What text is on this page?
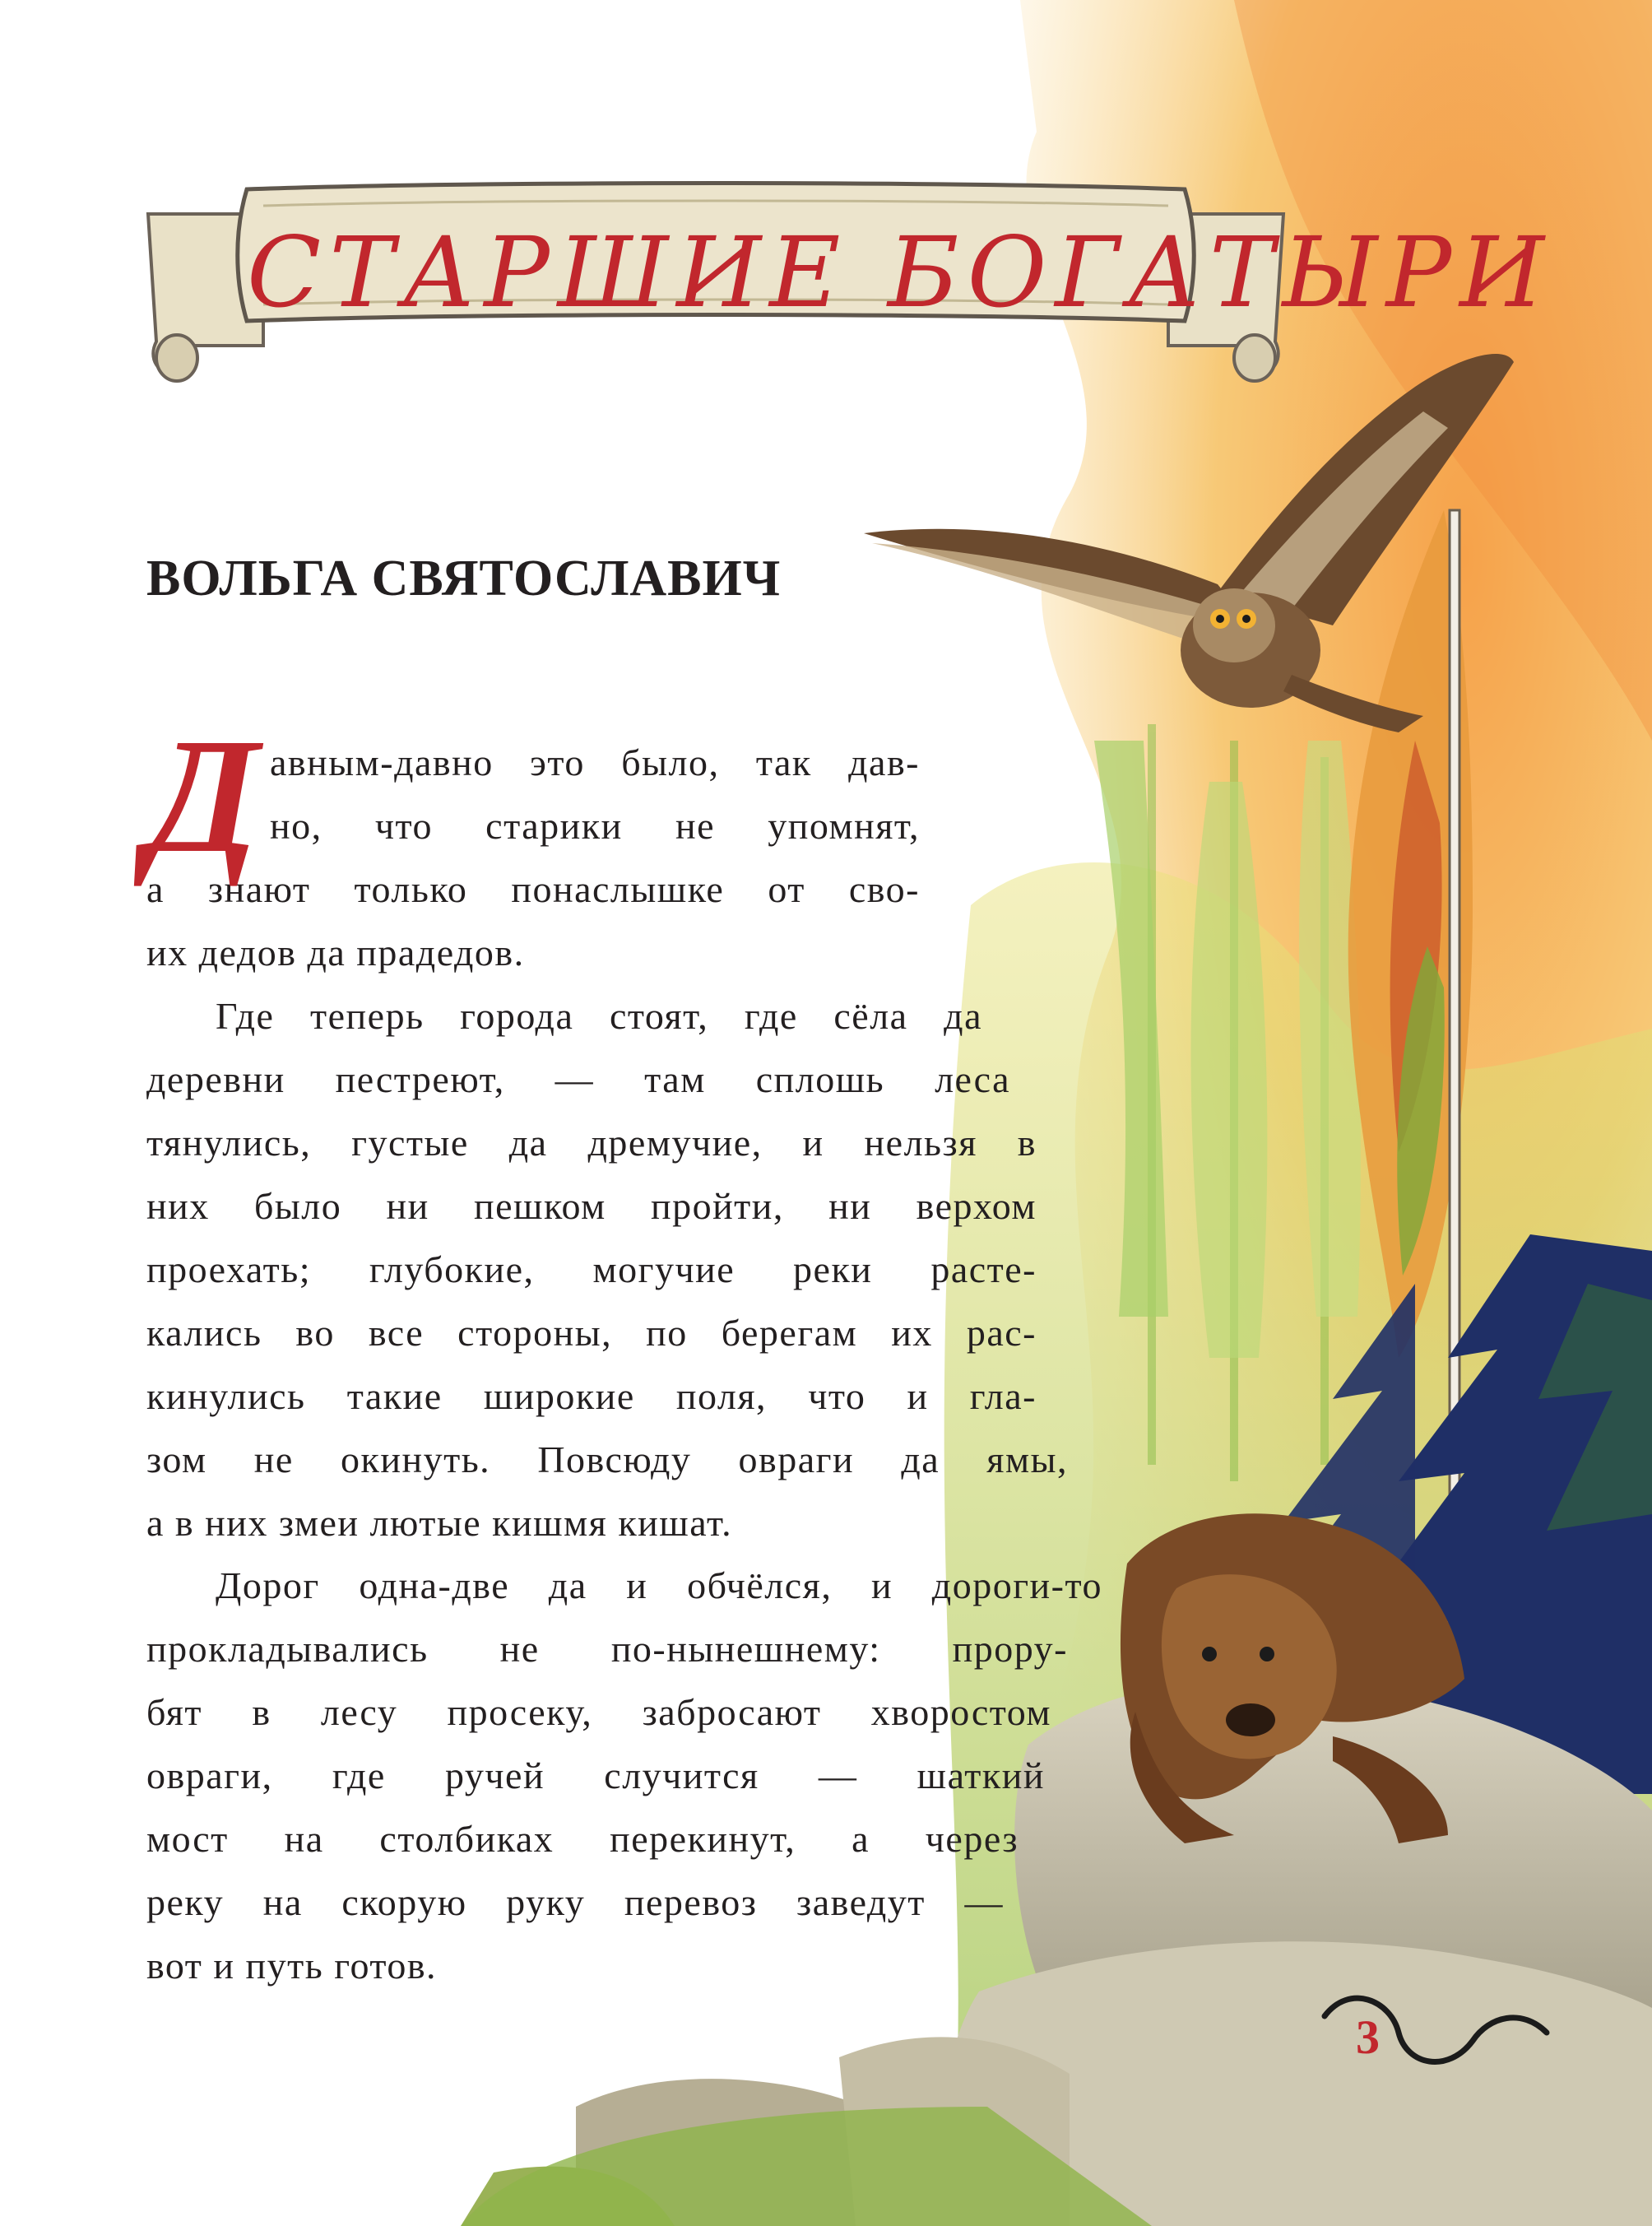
СТАРШИЕ БОГАТЫРИ
ВОЛЬГА СВЯТОСЛАВИЧ
Д авным-давно это было, так дав-
но, что старики не упомнят,
а знают только понаслышке от сво-
их дедов да прадедов.
Где теперь города стоят, где сёла да
деревни пестреют, — там сплошь леса
тянулись, густые да дремучие, и нельзя в
них было ни пешком пройти, ни верхом
проехать; глубокие, могучие реки расте-
кались во все стороны, по берегам их рас-
кинулись такие широкие поля, что и гла-
зом не окинуть. Повсюду овраги да ямы,
а в них змеи лютые кишмя кишат.
Дорог одна-две да и обчёлся, и дороги-то
прокладывались не по-нынешнему: прору-
бят в лесу просеку, забросают хворостом
овраги, где ручей случится — шаткий
мост на столбиках перекинут, а через
реку на скорую руку перевоз заведут —
вот и путь готов.
3
